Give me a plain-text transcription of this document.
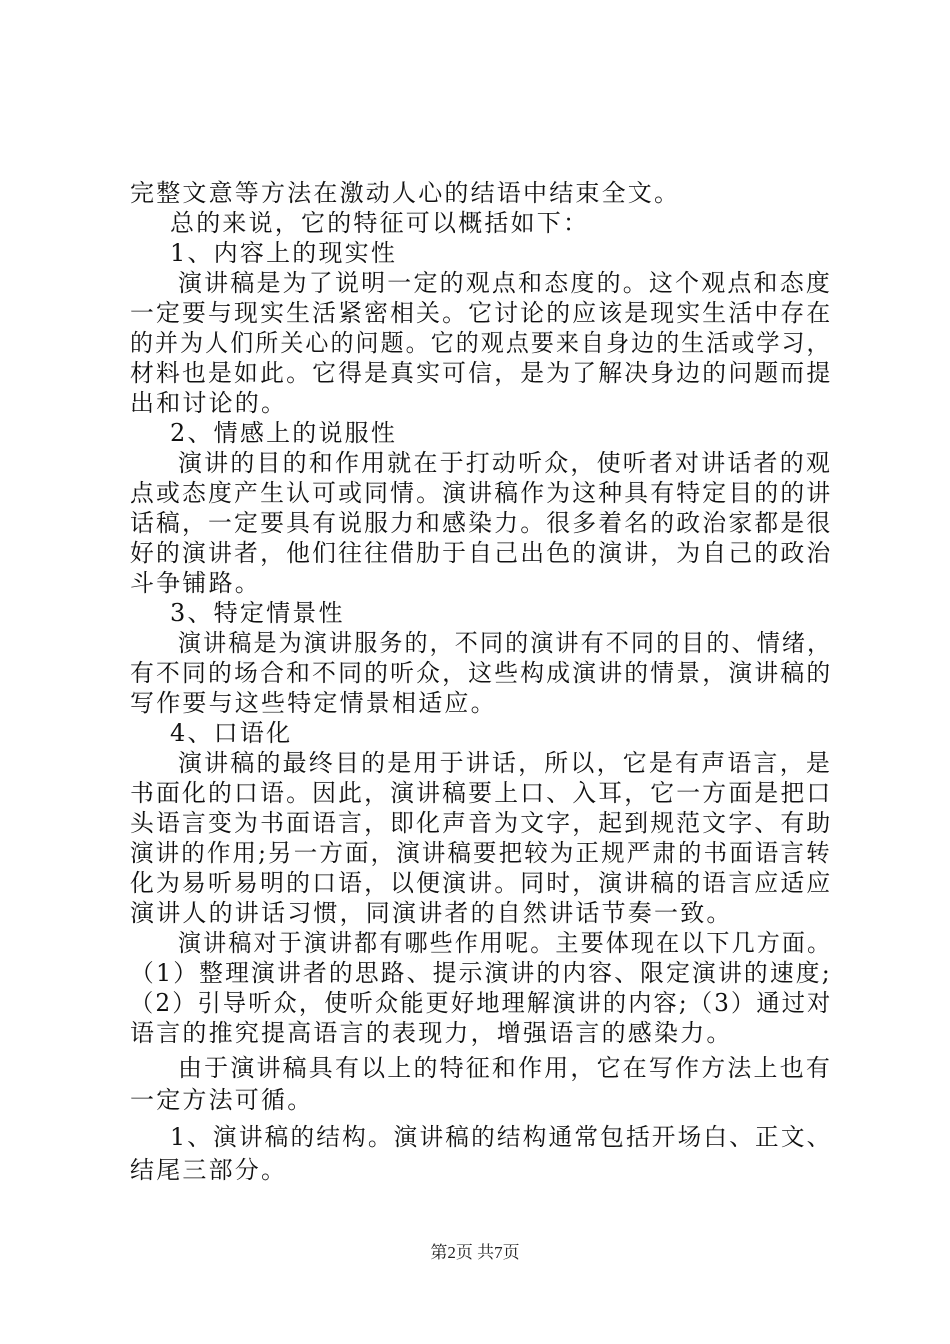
完整文意等方法在激动人心的结语中结束全文。
总的来说，它的特征可以概括如下：
1、内容上的现实性
演讲稿是为了说明一定的观点和态度的。这个观点和态度
一定要与现实生活紧密相关。它讨论的应该是现实生活中存在
的并为人们所关心的问题。它的观点要来自身边的生活或学习，
材料也是如此。它得是真实可信，是为了解决身边的问题而提
出和讨论的。
2、情感上的说服性
演讲的目的和作用就在于打动听众，使听者对讲话者的观
点或态度产生认可或同情。演讲稿作为这种具有特定目的的讲
话稿，一定要具有说服力和感染力。很多着名的政治家都是很
好的演讲者，他们往往借肋于自己出色的演讲，为自己的政治
斗争铺路。
3、特定情景性
演讲稿是为演讲服务的，不同的演讲有不同的目的、情绪，
有不同的场合和不同的听众，这些构成演讲的情景，演讲稿的
写作要与这些特定情景相适应。
4、口语化
演讲稿的最终目的是用于讲话，所以，它是有声语言，是
书面化的口语。因此，演讲稿要上口、入耳，它一方面是把口
头语言变为书面语言，即化声音为文字，起到规范文字、有助
演讲的作用;另一方面，演讲稿要把较为正规严肃的书面语言转
化为易听易明的口语，以便演讲。同时，演讲稿的语言应适应
演讲人的讲话习惯，同演讲者的自然讲话节奏一致。
演讲稿对于演讲都有哪些作用呢。主要体现在以下几方面。
（1）整理演讲者的思路、提示演讲的内容、限定演讲的速度;
（2）引导听众，使听众能更好地理解演讲的内容;（3）通过对
语言的推究提高语言的表现力，增强语言的感染力。
由于演讲稿具有以上的特征和作用，它在写作方法上也有
一定方法可循。
1、演讲稿的结构。演讲稿的结构通常包括开场白、正文、
结尾三部分。
第2页 共7页
